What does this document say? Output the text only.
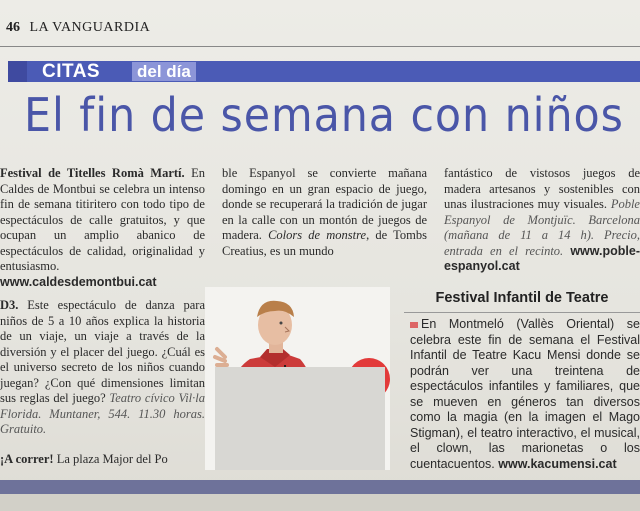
46 LA VANGUARDIA
CITAS del día
El fin de semana con niños

Festival de Titelles Romà Martí. En Caldes de Montbui se celebra un intenso fin de semana titiritero con todo tipo de espectáculos de calle gratuitos, y que ocupan un amplio abanico de espectáculos de calidad, originalidad y entusiasmo.

www.caldesdemontbui.cat

ble Espanyol se convierte mañana domingo en un gran espacio de juego, donde se recuperará la tradición de jugar en la calle con un montón de juegos de madera. Colors de monstre, de Tombs Creatius, es un mundo

fantástico de vistosos juegos de madera artesanos y sostenibles con unas ilustraciones muy visuales. Poble Espanyol de Montjuïc. Barcelona (mañana de 11 a 14 h). Precio, entrada en el recinto. www.poble-espanyol.cat

D3. Este espectáculo de danza para niños de 5 a 10 años explica la historia de un viaje, un viaje a través de la diversión y el placer del juego. ¿Cuál es el universo secreto de los niños cuando juegan? ¿Con qué dimensiones limitan sus reglas del juego? Teatro cívico Vil·la Florida. Muntaner, 544. 11.30 horas. Gratuito.

¡A correr! La plaza Major del Po

Festival Infantil de Teatre
En Montmeló (Vallès Oriental) se celebra este fin de semana el Festival Infantil de Teatre Kacu Mensi donde se podrán ver una treintena de espectáculos infantiles y familiares, que se mueven en géneros tan diversos como la magia (en la imagen el Mago Stigman), el teatro interactivo, el musical, el clown, las marionetas o los cuentacuentos. www.kacumensi.cat
